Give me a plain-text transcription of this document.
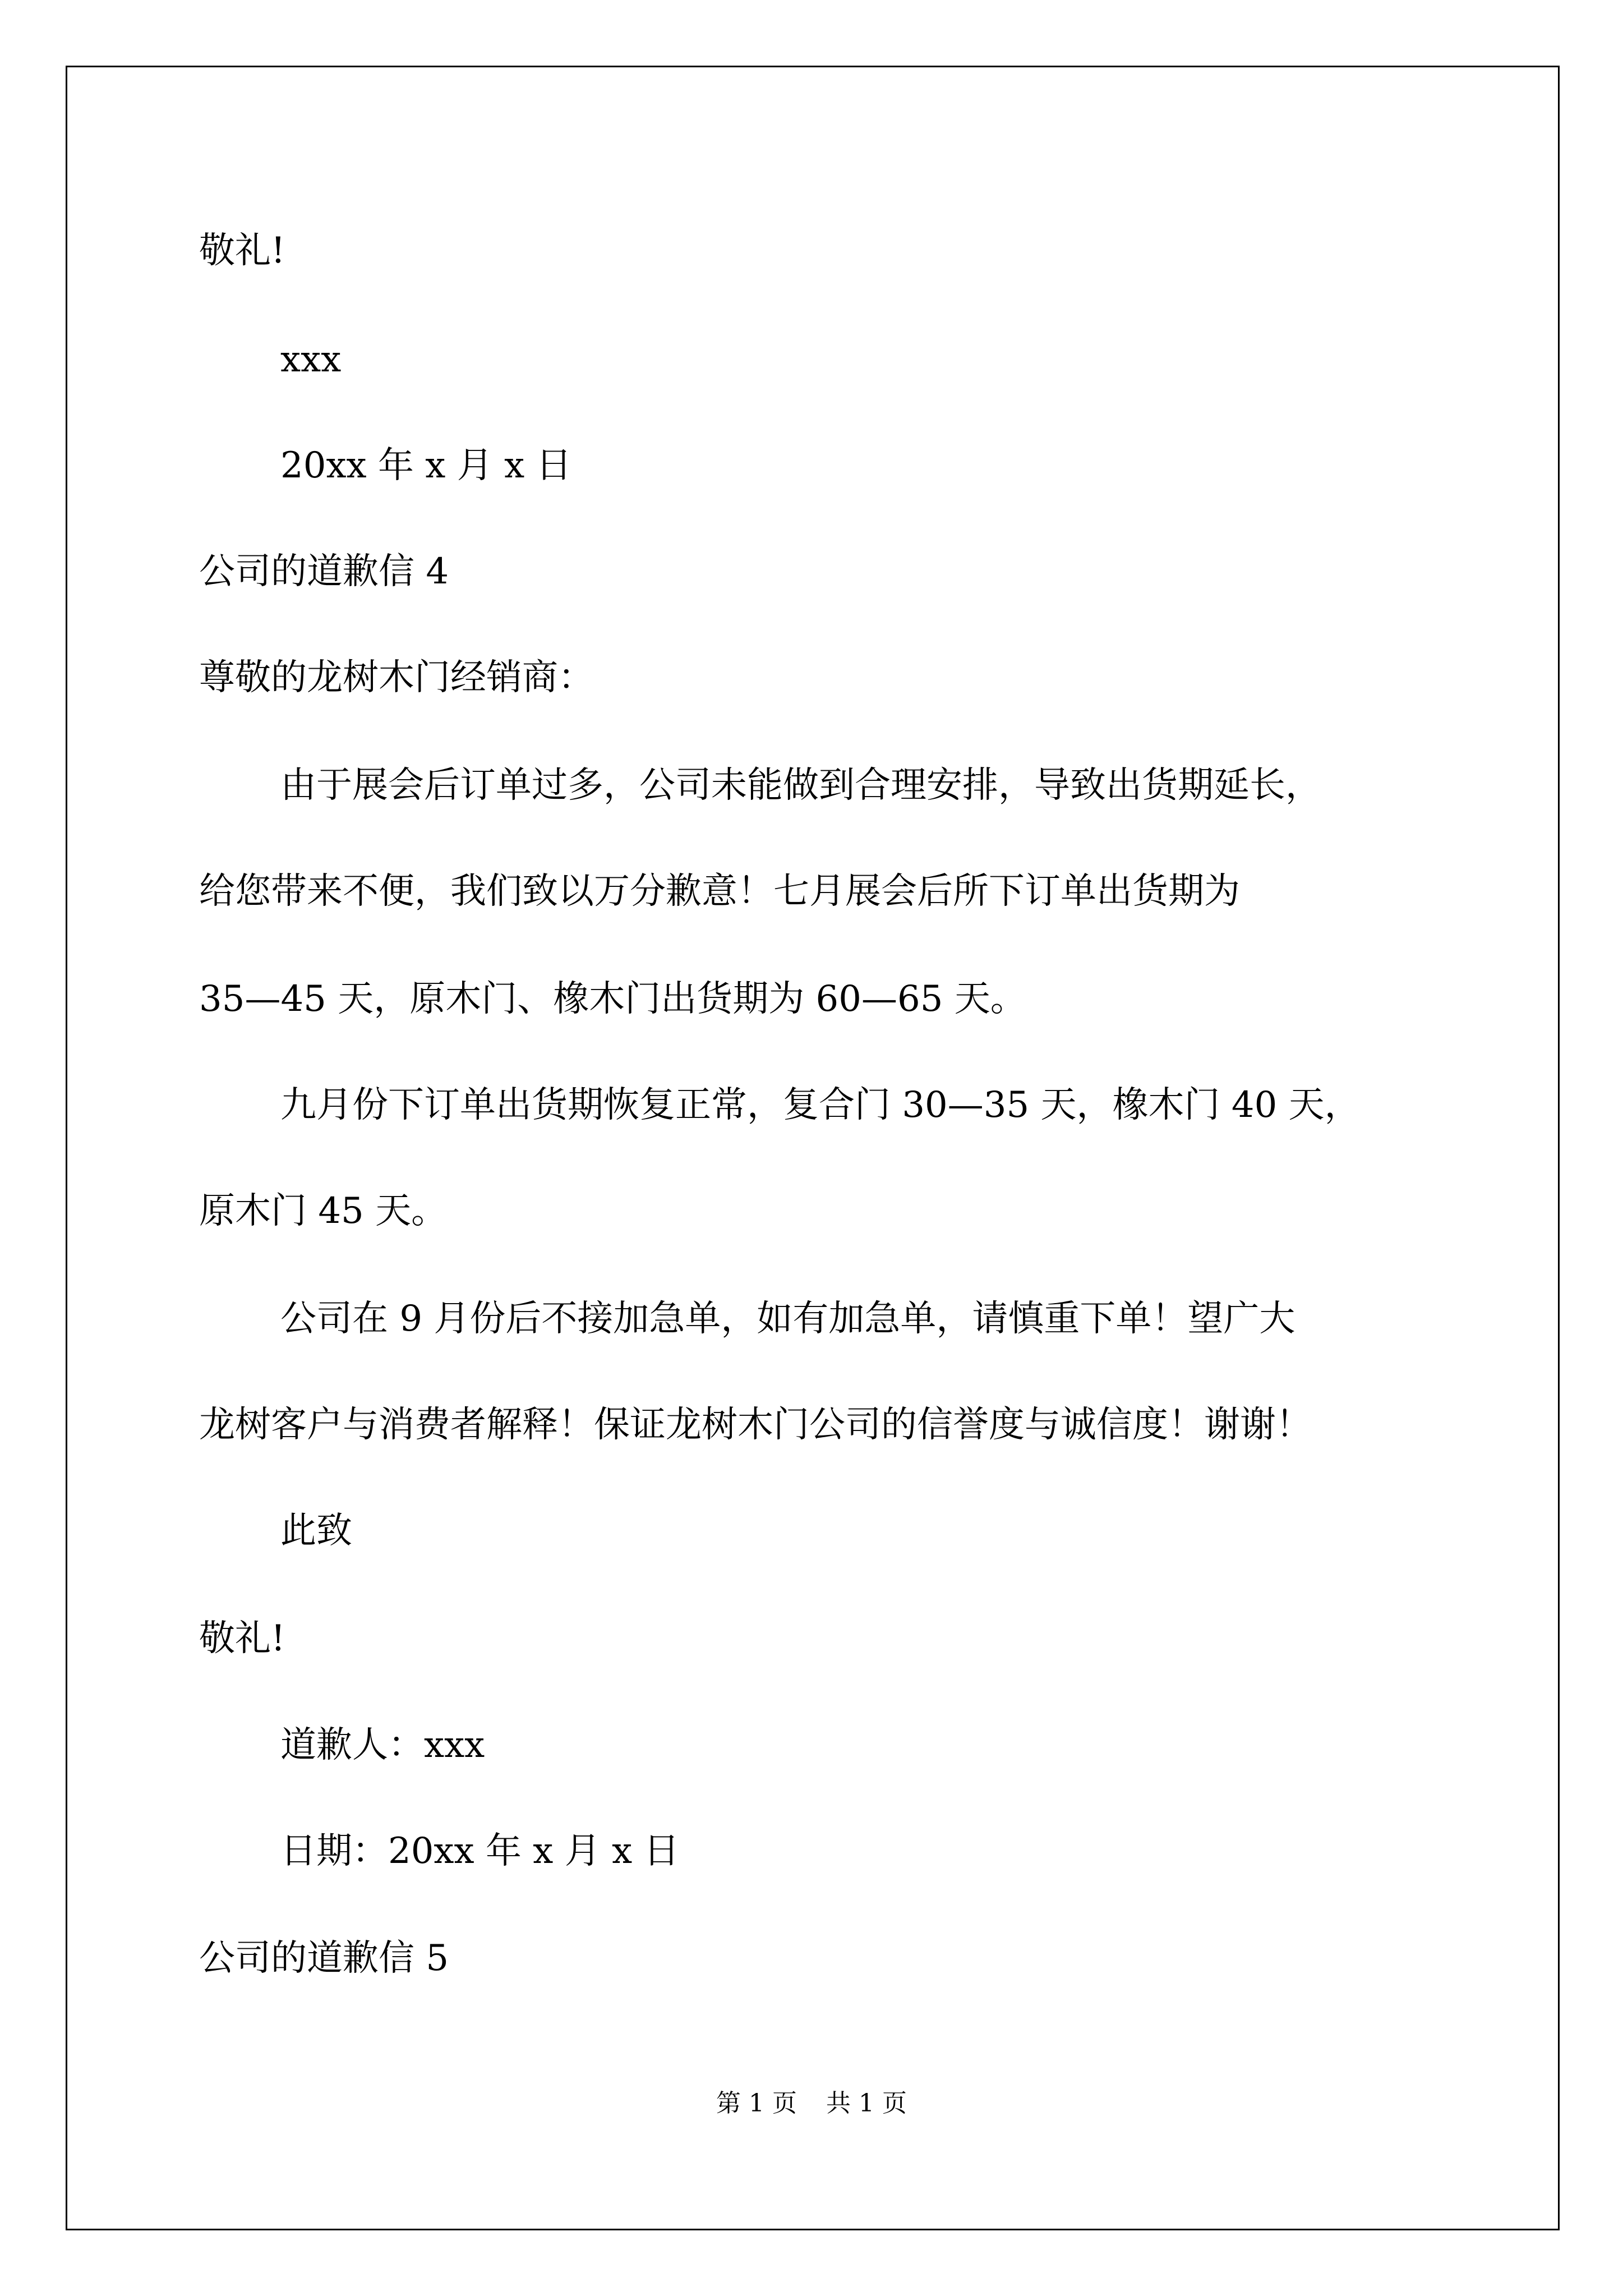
敬礼!
xxx
20xx 年 x 月 x 日
公司的道歉信 4
尊敬的龙树木门经销商：
由于展会后订单过多，公司未能做到合理安排，导致出货期延长，
给您带来不便，我们致以万分歉意！七月展会后所下订单出货期为
35—45 天，原木门、橡木门出货期为 60—65 天。
九月份下订单出货期恢复正常，复合门 30—35 天，橡木门 40 天，
原木门 45 天。
公司在 9 月份后不接加急单，如有加急单，请慎重下单！望广大
龙树客户与消费者解释！保证龙树木门公司的信誉度与诚信度！谢谢！
此致
敬礼!
道歉人：xxx
日期：20xx 年 x 月 x 日
公司的道歉信 5
第 1 页 共 1 页
